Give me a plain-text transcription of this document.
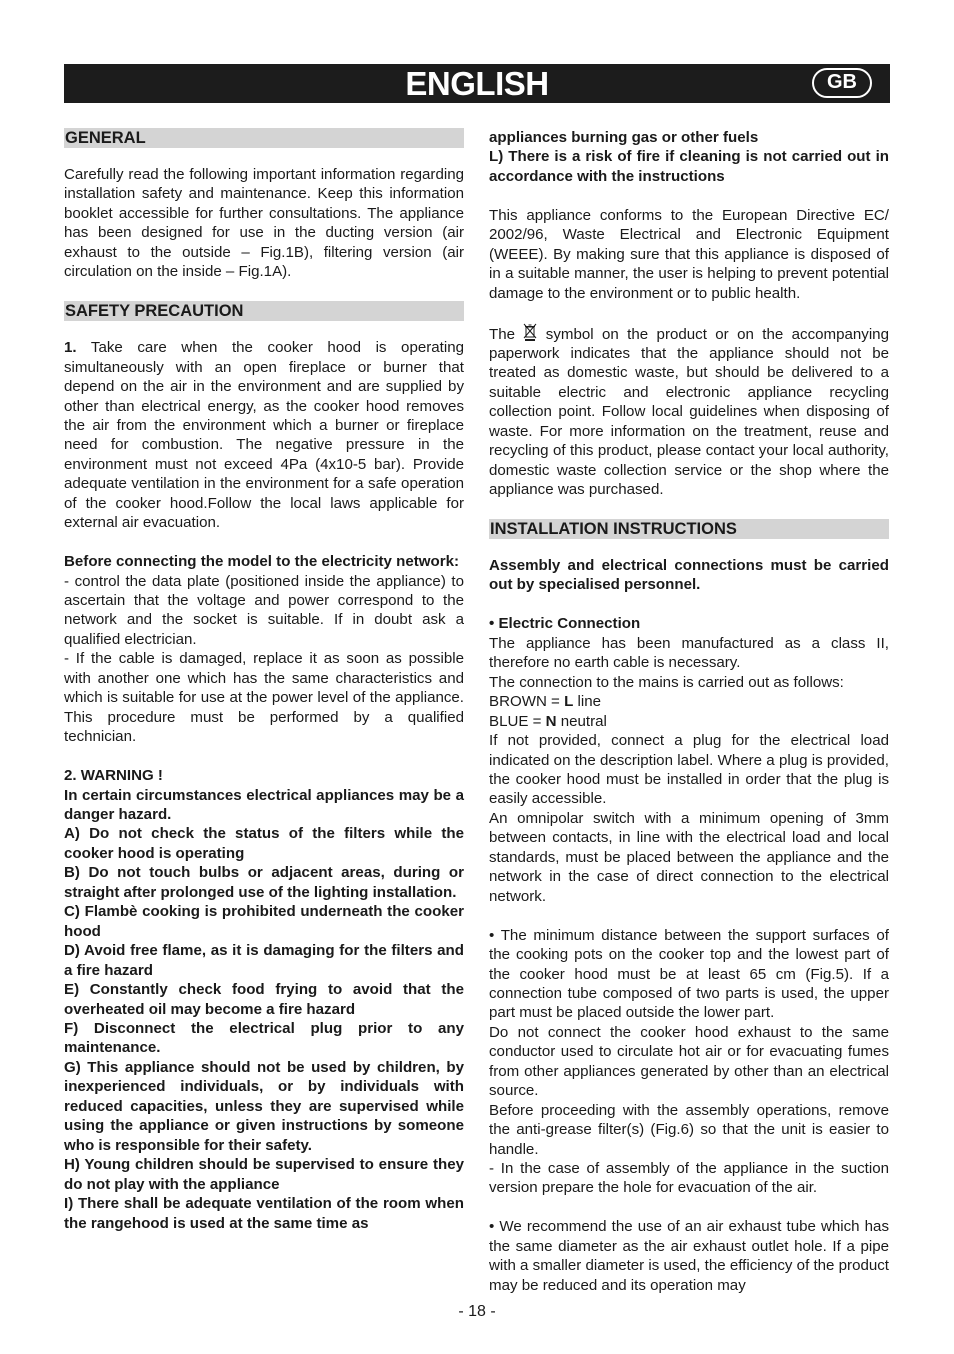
ENGLISH	GB
GENERAL

Carefully read the following important information regarding installation safety and maintenance. Keep this information booklet accessible for further consultations. The appliance has been designed for use in the ducting version (air exhaust to the outside – Fig.1B), filtering version (air circulation on the inside – Fig.1A).

SAFETY PRECAUTION

1. Take care when the cooker hood is operating simultaneously with an open fireplace or burner that depend on the air in the environment and are supplied by other than electrical energy, as the cooker hood removes the air from the environment which a burner or fireplace need for combustion. The negative pressure in the environment must not exceed 4Pa (4x10-5 bar). Provide adequate ventilation in the environment for a safe operation of the cooker hood.Follow the local laws applicable for external air evacuation.

Before connecting the model to the electricity network:

- control the data plate (positioned inside the appliance) to ascertain that the voltage and power correspond to the network and the socket is suitable. If in doubt ask a qualified electrician.

- If the cable is damaged, replace it as soon as possible with another one which has the same characteristics and which is suitable for use at the power level of the appliance. This procedure must be performed by a qualified technician.

2. WARNING !

In certain circumstances electrical appliances may be a danger hazard.

A) Do not check the status of the filters while the cooker hood is operating

B) Do not touch bulbs or adjacent areas, during or straight after prolonged use of the lighting installation.

C) Flambè cooking is prohibited underneath the cooker hood

D) Avoid free flame, as it is damaging for the filters and a fire hazard

E) Constantly check food frying to avoid that the overheated oil may become a fire hazard

F) Disconnect the electrical plug prior to any maintenance.

G) This appliance should not be used by children, by inexperienced individuals, or by individuals with reduced capacities, unless they are supervised while using the appliance or given instructions by someone who is responsible for their safety.

H) Young children should be supervised to ensure they do not play with the appliance

I) There shall be adequate ventilation of the room when the rangehood is used at the same time as

appliances burning gas or other fuels

L) There is a risk of fire if cleaning is not carried out in accordance with the instructions

This appliance conforms to the European Directive EC/ 2002/96, Waste Electrical and Electronic Equipment (WEEE). By making sure that this appliance is disposed of in a suitable manner, the user is helping to prevent potential damage to the environment or to public health.

The symbol on the product or on the accompanying paperwork indicates that the appliance should not be treated as domestic waste, but should be delivered to a suitable electric and electronic appliance recycling collection point. Follow local guidelines when disposing of waste. For more information on the treatment, reuse and recycling of this product, please contact your local authority, domestic waste collection service or the shop where the appliance was purchased.

INSTALLATION INSTRUCTIONS

Assembly and electrical connections must be carried out by specialised personnel.

• Electric Connection

The appliance has been manufactured as a class II, therefore no earth cable is necessary.

The connection to the mains is carried out as follows:

BROWN = L line

BLUE = N neutral

If not provided, connect a plug for the electrical load indicated on the description label. Where a plug is provided, the cooker hood must be installed in order that the plug is easily accessible.

An omnipolar switch with a minimum opening of 3mm between contacts, in line with the electrical load and local standards, must be placed between the appliance and the network in the case of direct connection to the electrical network.

• The minimum distance between the support surfaces of the cooking pots on the cooker top and the lowest part of the cooker hood must be at least 65 cm (Fig.5). If a connection tube composed of two parts is used, the upper part must be placed outside the lower part.

Do not connect the cooker hood exhaust to the same conductor used to circulate hot air or for evacuating fumes from other appliances generated by other than an electrical source.

Before proceeding with the assembly operations, remove the anti-grease filter(s) (Fig.6) so that the unit is easier to handle.

- In the case of assembly of the appliance in the suction version prepare the hole for evacuation of the air.

• We recommend the use of an air exhaust tube which has the same diameter as the air exhaust outlet hole. If a pipe with a smaller diameter is used, the efficiency of the product may be reduced and its operation may

- 18 -
